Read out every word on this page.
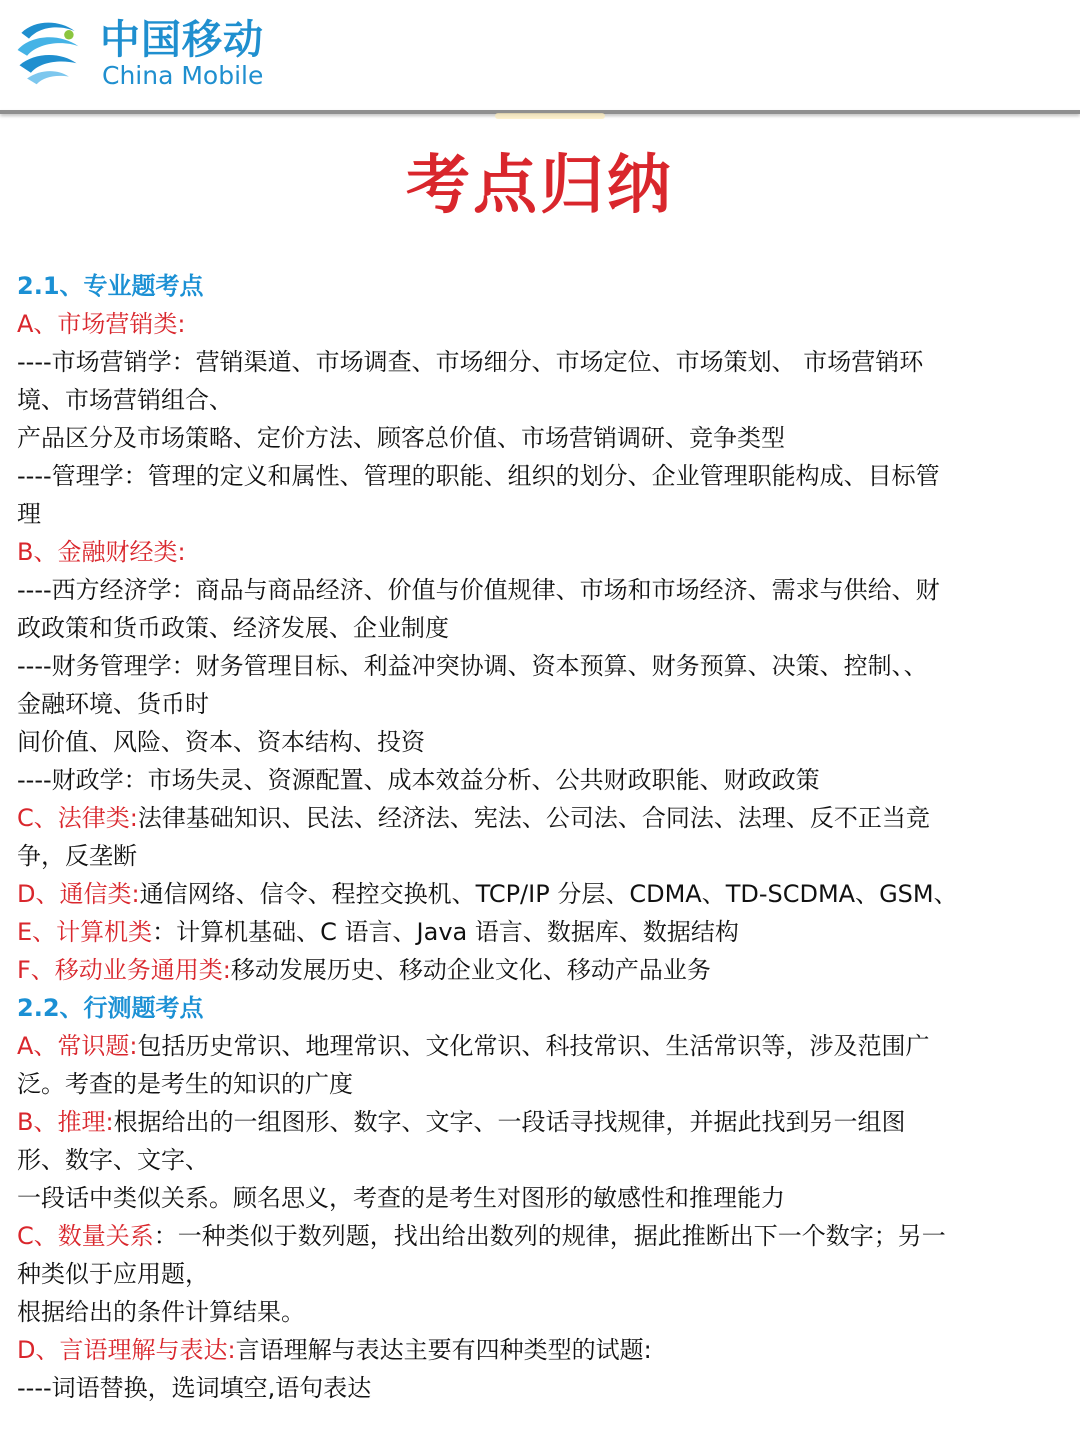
中国移动
China Mobile
考点归纳
2.1、专业题考点
A、市场营销类:
----市场营销学：营销渠道、市场调查、市场细分、市场定位、市场策划、 市场营销环
境、市场营销组合、
产品区分及市场策略、定价方法、顾客总价值、市场营销调研、竞争类型
----管理学：管理的定义和属性、管理的职能、组织的划分、企业管理职能构成、目标管
理
B、金融财经类:
----西方经济学：商品与商品经济、价值与价值规律、市场和市场经济、需求与供给、财
政政策和货币政策、经济发展、企业制度
----财务管理学：财务管理目标、利益冲突协调、资本预算、财务预算、决策、控制、、
金融环境、货币时
间价值、风险、资本、资本结构、投资
----财政学：市场失灵、资源配置、成本效益分析、公共财政职能、财政政策
C、法律类:法律基础知识、民法、经济法、宪法、公司法、合同法、法理、反不正当竞
争，反垄断
D、通信类:通信网络、信令、程控交换机、TCP/IP 分层、CDMA、TD-SCDMA、GSM、
E、计算机类：计算机基础、C 语言、Java 语言、数据库、数据结构
F、移动业务通用类:移动发展历史、移动企业文化、移动产品业务
2.2、行测题考点
A、常识题:包括历史常识、地理常识、文化常识、科技常识、生活常识等，涉及范围广
泛。考查的是考生的知识的广度
B、推理:根据给出的一组图形、数字、文字、一段话寻找规律，并据此找到另一组图
形、数字、文字、
一段话中类似关系。顾名思义，考查的是考生对图形的敏感性和推理能力
C、数量关系：一种类似于数列题，找出给出数列的规律，据此推断出下一个数字；另一
种类似于应用题，
根据给出的条件计算结果。
D、言语理解与表达:言语理解与表达主要有四种类型的试题:
----词语替换，选词填空,语句表达
